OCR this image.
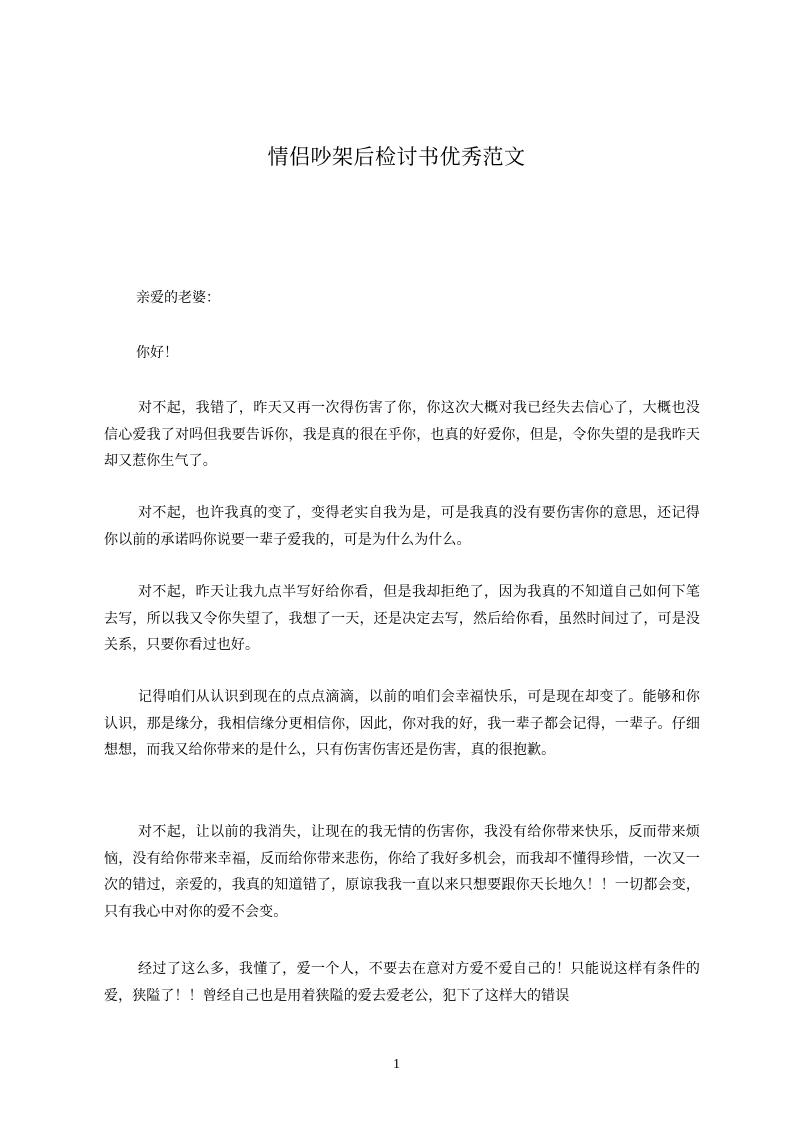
情侣吵架后检讨书优秀范文
亲爱的老婆：
你好！

对不起，我错了，昨天又再一次得伤害了你，你这次大概对我已经失去信心了，大概也没信心爱我了对吗但我要告诉你，我是真的很在乎你，也真的好爱你，但是，令你失望的是我昨天却又惹你生气了。

对不起，也许我真的变了，变得老实自我为是，可是我真的没有要伤害你的意思，还记得你以前的承诺吗你说要一辈子爱我的，可是为什么为什么。

对不起，昨天让我九点半写好给你看，但是我却拒绝了，因为我真的不知道自己如何下笔去写，所以我又令你失望了，我想了一天，还是决定去写，然后给你看，虽然时间过了，可是没关系，只要你看过也好。

记得咱们从认识到现在的点点滴滴，以前的咱们会幸福快乐，可是现在却变了。能够和你认识，那是缘分，我相信缘分更相信你，因此，你对我的好，我一辈子都会记得，一辈子。仔细想想，而我又给你带来的是什么，只有伤害伤害还是伤害，真的很抱歉。

对不起，让以前的我消失，让现在的我无情的伤害你，我没有给你带来快乐，反而带来烦恼，没有给你带来幸福，反而给你带来悲伤，你给了我好多机会，而我却不懂得珍惜，一次又一次的错过，亲爱的，我真的知道错了，原谅我我一直以来只想要跟你天长地久！！一切都会变，只有我心中对你的爱不会变。

经过了这么多，我懂了，爱一个人，不要去在意对方爱不爱自己的！只能说这样有条件的爱，狭隘了！！曾经自己也是用着狭隘的爱去爱老公，犯下了这样大的错误

1
